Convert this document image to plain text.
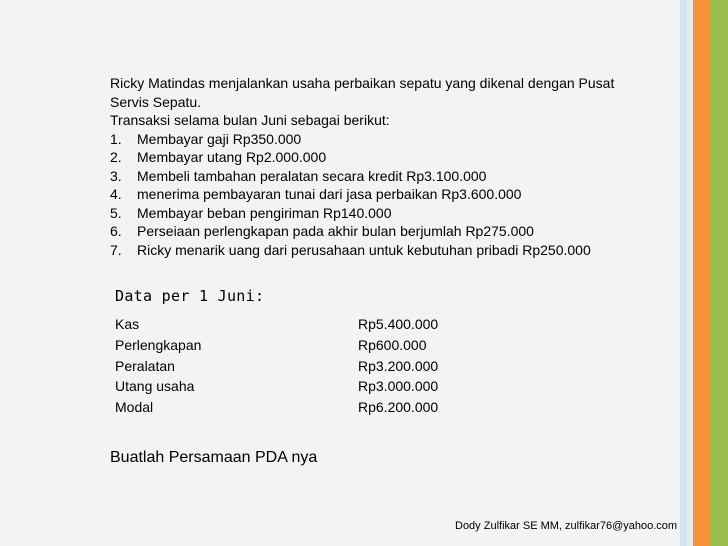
Ricky Matindas menjalankan usaha perbaikan sepatu yang dikenal dengan Pusat

Servis Sepatu.

Transaksi selama bulan Juni sebagai berikut:

1.	Membayar gaji Rp350.000
2.	Membayar utang Rp2.000.000
3.	Membeli tambahan peralatan secara kredit Rp3.100.000
4.	menerima pembayaran tunai dari jasa perbaikan Rp3.600.000
5.	Membayar beban pengiriman Rp140.000
6.	Perseiaan perlengkapan pada akhir bulan berjumlah Rp275.000
7.	Ricky menarik uang dari perusahaan untuk kebutuhan pribadi Rp250.000
Data per 1 Juni:
Kas	Rp5.400.000
Perlengkapan	Rp600.000
Peralatan	Rp3.200.000
Utang usaha	Rp3.000.000
Modal	Rp6.200.000
Buatlah Persamaan PDA nya
Dody Zulfikar SE MM, zulfikar76@yahoo.com
